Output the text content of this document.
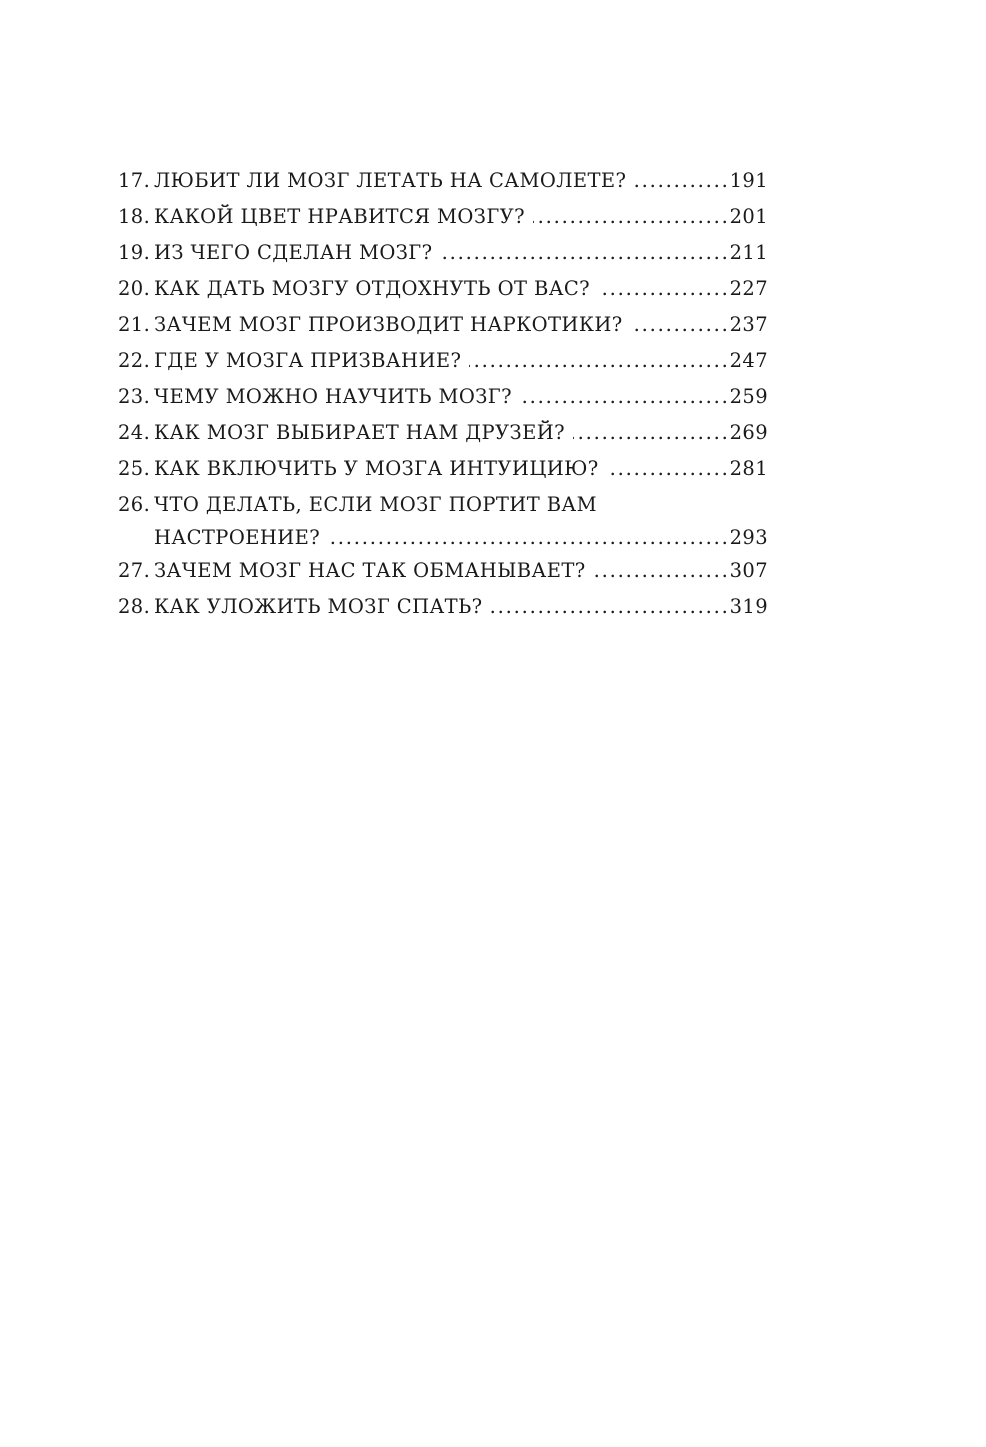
17. ЛЮБИТ ЛИ МОЗГ ЛЕТАТЬ НА САМОЛЕТЕ? . . .	191
18. КАКОЙ ЦВЕТ НРАВИТСЯ МОЗГУ? . . .	201
19. ИЗ ЧЕГО СДЕЛАН МОЗГ? . . .	211
20. КАК ДАТЬ МОЗГУ ОТДОХНУТЬ ОТ ВАС? . . .	227
21. ЗАЧЕМ МОЗГ ПРОИЗВОДИТ НАРКОТИКИ? . . .	237
22. ГДЕ У МОЗГА ПРИЗВАНИЕ? . . .	247
23. ЧЕМУ МОЖНО НАУЧИТЬ МОЗГ? . . .	259
24. КАК МОЗГ ВЫБИРАЕТ НАМ ДРУЗЕЙ? . . .	269
25. КАК ВКЛЮЧИТЬ У МОЗГА ИНТУИЦИЮ? . . .	281
26. ЧТО ДЕЛАТЬ, ЕСЛИ МОЗГ ПОРТИТ ВАМ
НАСТРОЕНИЕ? . . .	293
27. ЗАЧЕМ МОЗГ НАС ТАК ОБМАНЫВАЕТ? . . .	307
28. КАК УЛОЖИТЬ МОЗГ СПАТЬ? . . .	319
